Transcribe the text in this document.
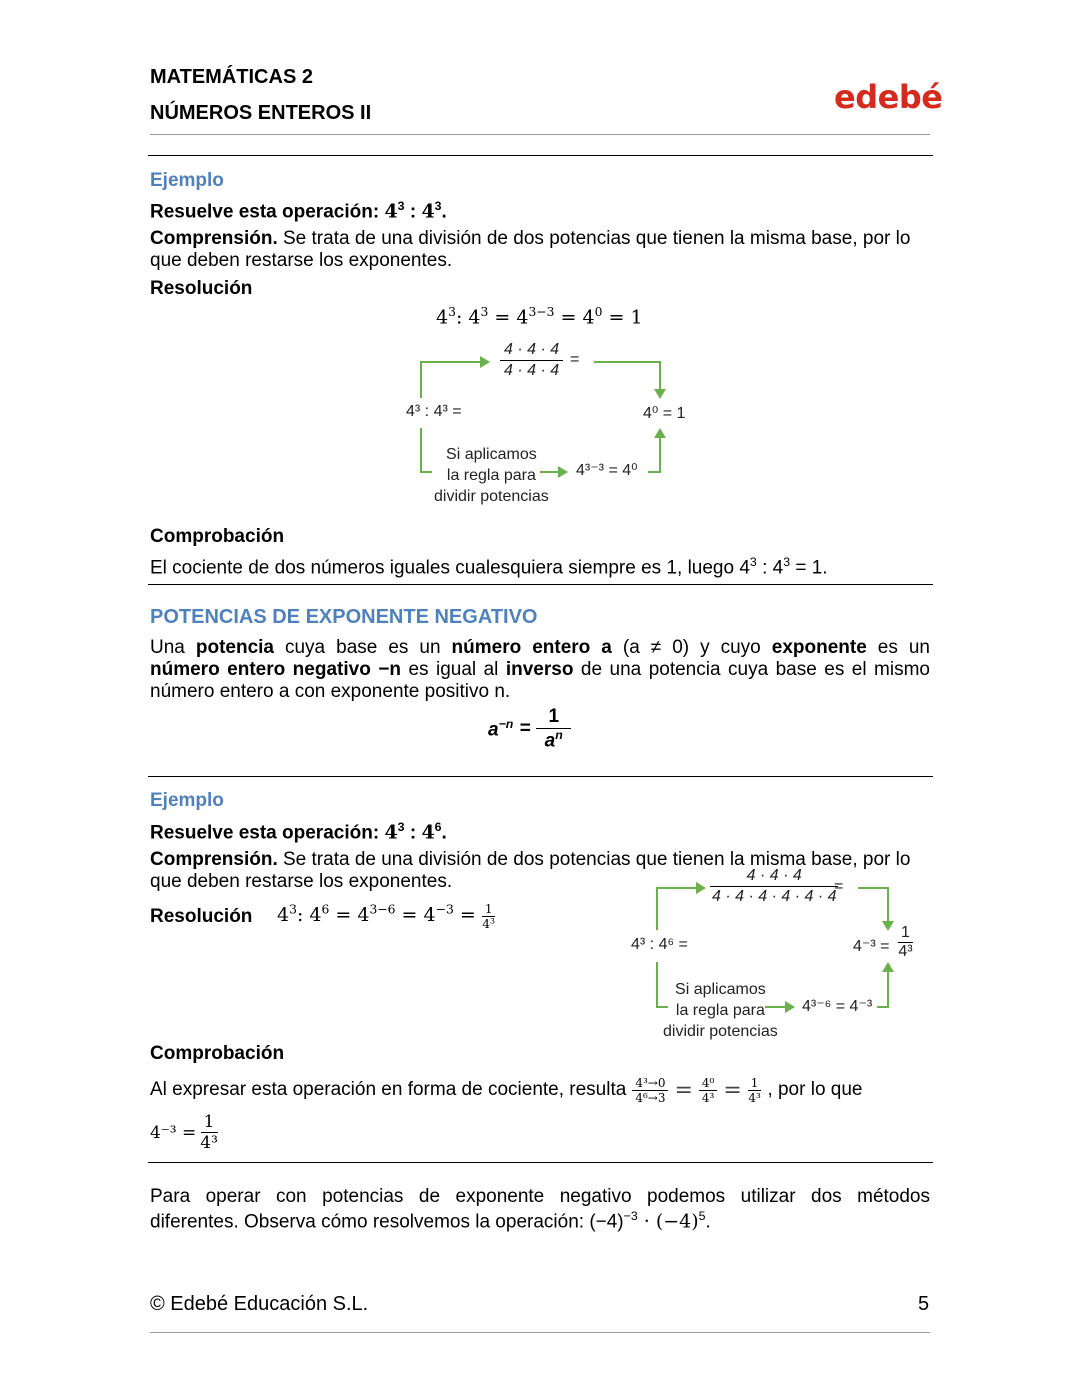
MATEMÁTICAS 2
NÚMEROS ENTEROS II	edebé
Ejemplo
Resuelve esta operación: $4^3$ : $4^3$.
Comprensión. Se trata de una división de dos potencias que tienen la misma base, por lo
que deben restarse los exponentes.
Resolución
$4^3$: $4^3 = 4^{3-3} = 4^0 = 1$
4 · 4 · 4
4 · 4 · 4
=
4³ : 4³ =	4⁰ = 1
Si aplicamos
la regla para
dividir potencias
4³⁻³ = 4⁰
Comprobación
El cociente de dos números iguales cualesquiera siempre es 1, luego $4^3$ : $4^3 = 1$.
POTENCIAS DE EXPONENTE NEGATIVO
Una potencia cuya base es un número entero a (a ≠ 0) y cuyo exponente es un
número entero negativo −n es igual al inverso de una potencia cuya base es el mismo
número entero a con exponente positivo n.
$a^{-n} = \frac{1}{a^n}$
Ejemplo
Resuelve esta operación: $4^3$ : $4^6$.
Comprensión. Se trata de una división de dos potencias que tienen la misma base, por lo
que deben restarse los exponentes.
Resolución $4^3$: $4^6 = 4^{3-6} = 4^{-3} = \frac{1}{4^3}$
4 · 4 · 4
4 · 4 · 4 · 4 · 4 · 4
=
4³ : 4⁶ =	$4^{-3} = \frac{1}{\text{4³}}$
Si aplicamos
la regla para
dividir potencias
4³⁻⁶ = 4⁻³
Comprobación
Al expresar esta operación en forma de cociente, resulta $\frac{\text{4³→0}}{\text{4⁶→3}} = \frac{\text{4⁰}}{\text{4³}} = \frac{1}{\text{4³}}$ , por lo que
$4^{-3} = \frac{1}{\text{4³}}$
Para operar con potencias de exponente negativo podemos utilizar dos métodos
diferentes. Observa cómo resolvemos la operación: $(-4)^{-3} \cdot (-4)^5$.
© Edebé Educación S.L.	5
